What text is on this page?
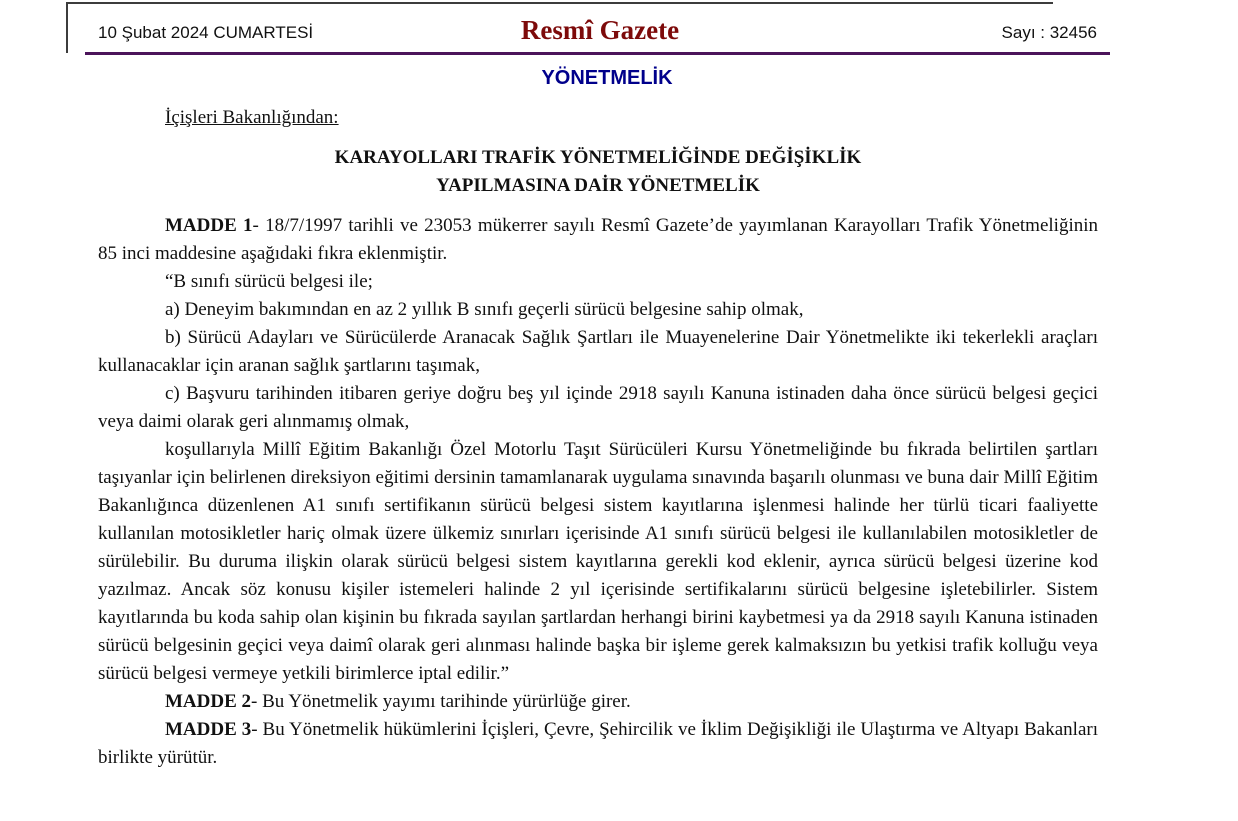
10 Şubat 2024 CUMARTESİ	Resmî Gazete	Sayı : 32456
YÖNETMELİK
İçişleri Bakanlığından:
KARAYOLLARI TRAFİK YÖNETMELİĞİNDE DEĞİŞİKLİK
YAPILMASINA DAİR YÖNETMELİK

MADDE 1- 18/7/1997 tarihli ve 23053 mükerrer sayılı Resmî Gazete’de yayımlanan Karayolları Trafik Yönetmeliğinin 85 inci maddesine aşağıdaki fıkra eklenmiştir.

“B sınıfı sürücü belgesi ile;

a) Deneyim bakımından en az 2 yıllık B sınıfı geçerli sürücü belgesine sahip olmak,

b) Sürücü Adayları ve Sürücülerde Aranacak Sağlık Şartları ile Muayenelerine Dair Yönetmelikte iki tekerlekli araçları kullanacaklar için aranan sağlık şartlarını taşımak,

c) Başvuru tarihinden itibaren geriye doğru beş yıl içinde 2918 sayılı Kanuna istinaden daha önce sürücü belgesi geçici veya daimi olarak geri alınmamış olmak,

koşullarıyla Millî Eğitim Bakanlığı Özel Motorlu Taşıt Sürücüleri Kursu Yönetmeliğinde bu fıkrada belirtilen şartları taşıyanlar için belirlenen direksiyon eğitimi dersinin tamamlanarak uygulama sınavında başarılı olunması ve buna dair Millî Eğitim Bakanlığınca düzenlenen A1 sınıfı sertifikanın sürücü belgesi sistem kayıtlarına işlenmesi halinde her türlü ticari faaliyette kullanılan motosikletler hariç olmak üzere ülkemiz sınırları içerisinde A1 sınıfı sürücü belgesi ile kullanılabilen motosikletler de sürülebilir. Bu duruma ilişkin olarak sürücü belgesi sistem kayıtlarına gerekli kod eklenir, ayrıca sürücü belgesi üzerine kod yazılmaz. Ancak söz konusu kişiler istemeleri halinde 2 yıl içerisinde sertifikalarını sürücü belgesine işletebilirler. Sistem kayıtlarında bu koda sahip olan kişinin bu fıkrada sayılan şartlardan herhangi birini kaybetmesi ya da 2918 sayılı Kanuna istinaden sürücü belgesinin geçici veya daimî olarak geri alınması halinde başka bir işleme gerek kalmaksızın bu yetkisi trafik kolluğu veya sürücü belgesi vermeye yetkili birimlerce iptal edilir.”

MADDE 2- Bu Yönetmelik yayımı tarihinde yürürlüğe girer.

MADDE 3- Bu Yönetmelik hükümlerini İçişleri, Çevre, Şehircilik ve İklim Değişikliği ile Ulaştırma ve Altyapı Bakanları birlikte yürütür.
